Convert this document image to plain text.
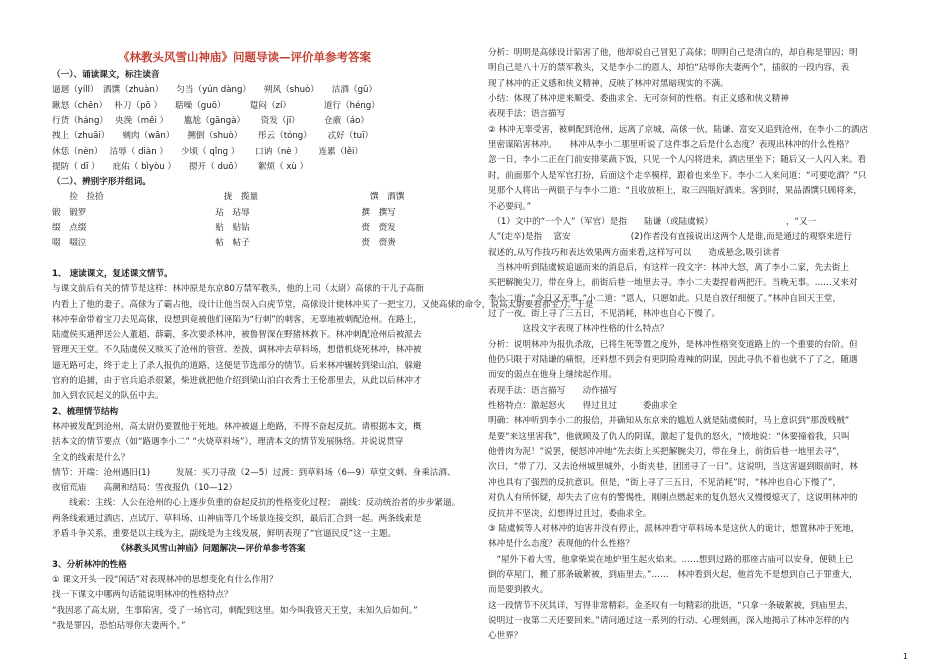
《林教头风雪山神庙》问题导读—评价单参考答案
（一）、诵读课文，标注读音
逼迴（yíll）　酒馔（zhuàn）　　匀当（yún dàng）　　朔风（shuò）　　沽酒（gū）
瞅怒（chēn）　 朴刀（pō ）　　聒噪（guō）　　　 踅闷（zí）　　　　 道行（héng）
行货（háng）　 央浼（měi ）　　 尴尬（gāngà）　　 资发（jī）　　　 仓廒（áo）
拽上（zhuāi）　　剜肉（wān）　　搠倒（shuò）　　 彤云（tóng）　　 忒好（tuī）
休恁（nèn）　 沽辱（ diàn ）　　少顷（ qǐng ）　　 口讷（nè ）　　 连累（lěi）
提防（ dī ）　　庇佑（ bìyòu ）　　摁开（ duō）　　 絮烦（ xù ）
（二）、辨别字形并组词。
　　捡　捡拾　　　　　　　　　　　　　　拢　揽量　　　　　　　　　　　　　馔　酒馔
锻　锻罗　　　　　　　　　　　　　　　玷　玷辱　　　　　　　　　　　　　撰　撰写
缀　点缀　　　　　　　　　　　　　　　贴　贴钻　　　　　　　　　　　　　赍　赍发
啜　啜泣　　　　　　　　　　　　　　　帖　帖子　　　　　　　　　　　　　赍　赍赉
1、 速读课文，复述课文情节。
与课文前后有关的情节是这样：林冲原是东京80万禁军教头，他的上司（太尉）高俅的干儿子高衙
内看上了他的妻子。高俅为了霸占他，设计让他当误入白虎节堂，高俅设计使林冲买了一把宝刀，又使高俅的命令，说高太尉要看那宝刀。于是
林冲奉命带着宝刀去见高俅，设想到竟被他们诬陷为“行刺”的刺客，无辜地被刺配沧州。在路上，
陆虞侯买通押送公人董超、薛霸，多次要杀林冲，被鲁智深在野猪林救下。林冲刺配沧州后被派去
管理天王堂。不久陆虞侯又赎买了沧州的管营、差拨，调林冲去草料场，想借机烧死林冲，林冲被
逼无路可走，终于走上了杀人报仇的道路，这便是节选部分的情节。后来林冲辗转到梁山泊，躲避
官府的追捕，由于官兵追杀很紧，柴进就把他介绍到梁山泊白衣秀士王伦那里去，从此以后林冲才
加入到农民起义的队伍中去。
2、梳理情节结构
林冲被发配到沧州，高太尉仍要置他于死地。林冲被逼上绝路，不得不奋起反抗。请根据本文，概
括本文的情节要点（如“路遇李小二” “火烧草料场”），理清本文的情节发展脉络。并说说贯穿
全文的线索是什么？
情节：开端：沧州遇旧(1)　　　发展：买刀寻敌（2—5）过渡：到草料场（6—9）草堂文刺、身乘沽酒、
夜宿荒庙　　高潮和结局：雪夜报仇（10—12）
　　线索：主线：人公在沧州的心上逐步负重的奋起反抗的性格变化过程；　副线：反动统治者的步步紧逼。
两条线索通过酒店、点试厅、草料场、山神庙等几个场景连接交织，最后汇合到一起。两条线索是
矛盾斗争关系，重要是以主线为主，副线是为主线发展，鲜明表现了“官逼民反”这一主题。
　　　　　　　　《林教头风雪山神庙》问题解决—评价单参考答案
3、分析林冲的性格
① 课文开头一段“闲话”对表现林冲的思想变化有什么作用？
找一下课文中哪两句话能说明林冲的性格特点？
“我因恶了高太尉，生事陷害，受了一场官司，刺配到这里。如今叫我管天王堂，未知久后如何。”
“我是罪囚，恐怕玷辱你夫妻两个。”
分析：明明是高俅设计陷害了他，他却说自己冒犯了高俅；明明自己是清白的，却自称是罪囚；明
明自己是八十万的禁军教头，又是李小二的恩人，却怕“玷辱你夫妻两个”，插叙的一段内容，表
现了林冲的正义感和侠义精神，反映了林冲对黑暗现实的不满。
小结：体现了林冲逆来顺受、委曲求全、无可奈何的性格。有正义感和侠义精神
表现手法：语言描写
② 林冲无辜受害，被刺配到沧州，远离了京城，高俅一伙，陆谦、富安又追到沧州，在李小二的酒店
里密谋陷害林冲。　　林冲从李小二那里听说了这件事之后是什么态度？表现出林冲的什么性格？
忽一日，李小二正在门前安排菜蔬下饭，只见一个人闪将进来，酒店里坐下；随后又一人闪入来。看
时，前面那个人是军官打扮，后面这个走卒模样，跟着也来坐下。李小二入来问道：“可要吃酒？”只
见那个人将出一两银子与李小二道：“且收放柜上，取三四瓶好酒来。客到时，果品酒馔只顾将来，
不必要问。”
　（1）文中的“一个人”（军官）是指　　陆谦（或陆虞候）　　　　　　　　　，“又一
人”(走卒)是指　 富安　　　　　　　(2)作者没有直接说出这两个人是谁,而是通过的观察来进行
叙述的,从写作技巧和表达效果两方面来看,这样写可以　　造成悬念,吸引读者
　当林冲听到陆虞候追逼而来的消息后，有这样一段文字：林冲大怒，离了李小二家，先去街上
买把解腕尖刀，带在身上，前街后巷一地里去寻。李小二夫妻捏着两把汗。当晚无事。……又来对
李小二道：“今日又无事。”小二道：“恩人，只愿如此。只是自放仔细便了。”林冲自回天王堂，
过了一夜。街上寻了三五日，不见消耗，林冲也自心下慢了。
　　　　这段文字表现了林冲性格的什么特点？
分析：说明林冲为报仇杀敌，已将生死等置之度外，是林冲性格突变道路上的一个重要的台阶。但
他仍只限于对陆谦的痛恨，还料想不到会有更阴险毒辣的阴谋，因此寻仇不着也就不了了之，随遇
而安的弱点在他身上继续起作用。
表现手法：语言描写　　动作描写
性格特点：激起怒火　　得过且过　　　委曲求全
明确：林冲听到李小二的报信，并确知从东京来的尴尬人就是陆虞候时，马上意识到“那泼贱贼”
是要“来这里害我”，他就顾及了仇人的阴谋，激起了复仇的怒火，“愤地说：“休要撞着我，只叫
他骨肉为泥！”说罢，便怒冲冲地“先去街上买把解腕尖刀，带在身上，前街后巷一地里去寻”，
次日，“带了刀，又去沧州城里城外，小街夹巷，团团寻了一日”。这说明，当这害逼到眼前时，林
冲也具有了强烈的反抗意识。但是，“街上寻了三五日，不见消耗”时，“林冲也自心下慢了”，
对仇人有所怀疑，却失去了应有的警惕性，刚刚点燃起来的复仇怒火又慢慢熄灭了，这说明林冲的
反抗并不坚决，幻想得过且过，委曲求全。
③ 陆虞候等人对林冲的迫害并没有停止，派林冲看守草料场本是这伙人的诡计，想置林冲于死地，
林冲是什么态度？表现他的什么性格？
　“屋外下着大雪，他拿柴炭在地炉里生起火焰来。……想到过路的那座古庙可以安身，便锁上已
倒的草屋门，搬了那条破絮被，到庙里去。”……　林冲看到火起，他首先不是想到自己于罪重大，
而是要到救火。
这一段情节不厌其详，写得非常精彩。金圣叹有一句精彩的批语，“只拿一条破絮被，到庙里去，
说明过一夜第二天还要回来。”请问通过这一系列的行动、心理刻画，深入地揭示了林冲怎样的内
心世界？
1
